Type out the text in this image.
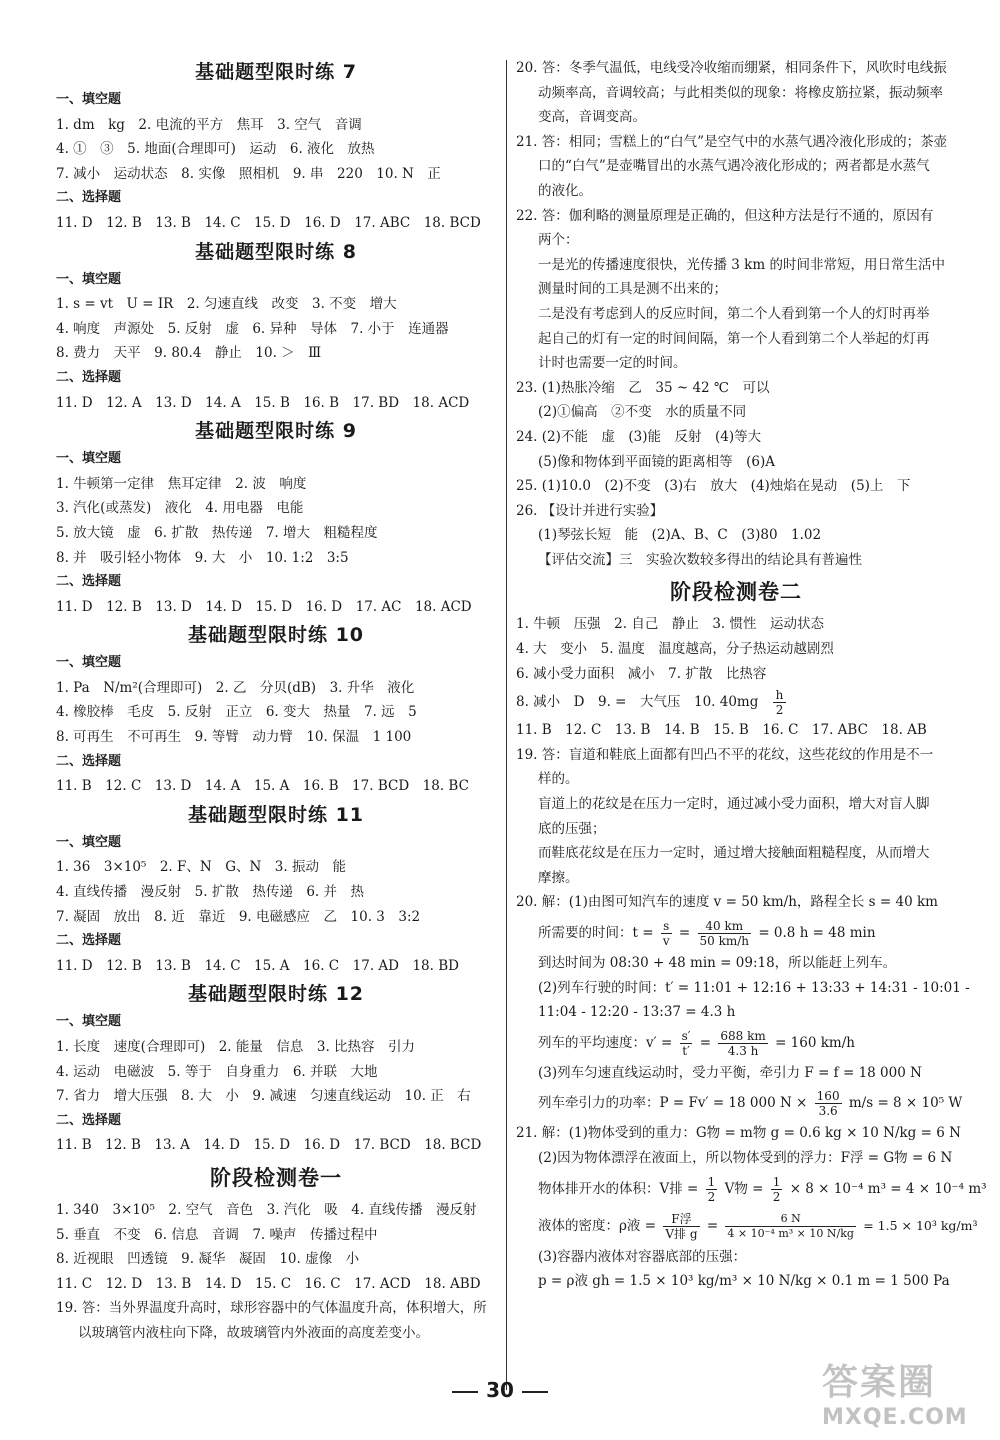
基础题型限时练 7
一、填空题
1. dm　kg　2. 电流的平方　焦耳　3. 空气　音调
4. ①　③　5. 地面(合理即可)　运动　6. 液化　放热
7. 减小　运动状态　8. 实像　照相机　9. 串　220　10. N　正
二、选择题
11. D　12. B　13. B　14. C　15. D　16. D　17. ABC　18. BCD
基础题型限时练 8
一、填空题
1. s = vt　U = IR　2. 匀速直线　改变　3. 不变　增大
4. 响度　声源处　5. 反射　虚　6. 异种　导体　7. 小于　连通器
8. 费力　天平　9. 80.4　静止　10. ＞　Ⅲ
二、选择题
11. D　12. A　13. D　14. A　15. B　16. B　17. BD　18. ACD
基础题型限时练 9
一、填空题
1. 牛顿第一定律　焦耳定律　2. 波　响度
3. 汽化(或蒸发)　液化　4. 用电器　电能
5. 放大镜　虚　6. 扩散　热传递　7. 增大　粗糙程度
8. 并　吸引轻小物体　9. 大　小　10. 1:2　3:5
二、选择题
11. D　12. B　13. D　14. D　15. D　16. D　17. AC　18. ACD
基础题型限时练 10
一、填空题
1. Pa　N/m²(合理即可)　2. 乙　分贝(dB)　3. 升华　液化
4. 橡胶棒　毛皮　5. 反射　正立　6. 变大　热量　7. 远　5
8. 可再生　不可再生　9. 等臂　动力臂　10. 保温　1 100
二、选择题
11. B　12. C　13. D　14. A　15. A　16. B　17. BCD　18. BC
基础题型限时练 11
一、填空题
1. 36　3×10⁵　2. F、N　G、N　3. 振动　能
4. 直线传播　漫反射　5. 扩散　热传递　6. 并　热
7. 凝固　放出　8. 近　靠近　9. 电磁感应　乙　10. 3　3:2
二、选择题
11. D　12. B　13. B　14. C　15. A　16. C　17. AD　18. BD
基础题型限时练 12
一、填空题
1. 长度　速度(合理即可)　2. 能量　信息　3. 比热容　引力
4. 运动　电磁波　5. 等于　自身重力　6. 并联　大地
7. 省力　增大压强　8. 大　小　9. 减速　匀速直线运动　10. 正　右
二、选择题
11. B　12. B　13. A　14. D　15. D　16. D　17. BCD　18. BCD
阶段检测卷一
1. 340　3×10⁵　2. 空气　音色　3. 汽化　吸　4. 直线传播　漫反射
5. 垂直　不变　6. 信息　音调　7. 噪声　传播过程中
8. 近视眼　凹透镜　9. 凝华　凝固　10. 虚像　小
11. C　12. D　13. B　14. D　15. C　16. C　17. ACD　18. ABD
19. 答：当外界温度升高时，球形容器中的气体温度升高，体积增大，所
以玻璃管内液柱向下降，故玻璃管内外液面的高度差变小。
20. 答：冬季气温低，电线受冷收缩而绷紧，相同条件下，风吹时电线振
动频率高，音调较高；与此相类似的现象：将橡皮筋拉紧，振动频率
变高，音调变高。
21. 答：相同；雪糕上的“白气”是空气中的水蒸气遇冷液化形成的；茶壶
口的“白气”是壶嘴冒出的水蒸气遇冷液化形成的；两者都是水蒸气
的液化。
22. 答：伽利略的测量原理是正确的，但这种方法是行不通的，原因有
两个：
一是光的传播速度很快，光传播 3 km 的时间非常短，用日常生活中
测量时间的工具是测不出来的；
二是没有考虑到人的反应时间，第二个人看到第一个人的灯时再举
起自己的灯有一定的时间间隔，第一个人看到第二个人举起的灯再
计时也需要一定的时间。
23. (1)热胀冷缩　乙　35 ~ 42 ℃　可以
(2)①偏高　②不变　水的质量不同
24. (2)不能　虚　(3)能　反射　(4)等大
(5)像和物体到平面镜的距离相等　(6)A
25. (1)10.0　(2)不变　(3)右　放大　(4)烛焰在晃动　(5)上　下
26. 【设计并进行实验】
(1)琴弦长短　能　(2)A、B、C　(3)80　1.02
【评估交流】三　实验次数较多得出的结论具有普遍性
阶段检测卷二
1. 牛顿　压强　2. 自己　静止　3. 惯性　运动状态
4. 大　变小　5. 温度　温度越高，分子热运动越剧烈
6. 减小受力面积　减小　7. 扩散　比热容
8. 减小　D　9. =　大气压　10. $40mg \frac{h}{2}$
11. B　12. C　13. B　14. B　15. B　16. C　17. ABC　18. AB
19. 答：盲道和鞋底上面都有凹凸不平的花纹，这些花纹的作用是不一
样的。
盲道上的花纹是在压力一定时，通过减小受力面积，增大对盲人脚
底的压强；
而鞋底花纹是在压力一定时，通过增大接触面粗糙程度，从而增大
摩擦。
20. 解：(1)由图可知汽车的速度 v = 50 km/h，路程全长 s = 40 km
所需要的时间：$t = \frac{s}{v} = \frac{40 km}{50 km/h} = 0.8$ h = 48 min
到达时间为 08:30 + 48 min = 09:18，所以能赶上列车。
(2)列车行驶的时间：t′ = 11:01 + 12:16 + 13:33 + 14:31 - 10:01 -
11:04 - 12:20 - 13:37 = 4.3 h
列车的平均速度：$v' = \frac{s'}{t'} = \frac{688 km}{4.3 h} = 160$ km/h
(3)列车匀速直线运动时，受力平衡，牵引力 F = f = 18 000 N
列车牵引力的功率：P = Fv′ = 18 000 $N \times \frac{160}{3.6} m/s = 8 \times 10^5$ W
21. 解：(1)物体受到的重力：G物 = m物 g = 0.6 kg × 10 N/kg = 6 N
(2)因为物体漂浮在液面上，所以物体受到的浮力：F浮 = G物 = 6 N
物体排开水的体积：V排 = $\frac{1}{2}$ V物 = $\frac{1}{2} \times 8 \times 10^{-4}$ m³ = 4 × 10⁻⁴ m³
液体的密度：ρ液 =	F浮
V排 $g = \frac{6 N}{\text{4 × 10⁻⁴ m³ × 10 N/kg}} = 1.5 \times 10^3$ kg/m³
(3)容器内液体对容器底部的压强：
p = ρ液 gh = 1.5 × 10³ kg/m³ × 10 N/kg × 0.1 m = 1 500 Pa
30	答案圈
MXQE.COM
